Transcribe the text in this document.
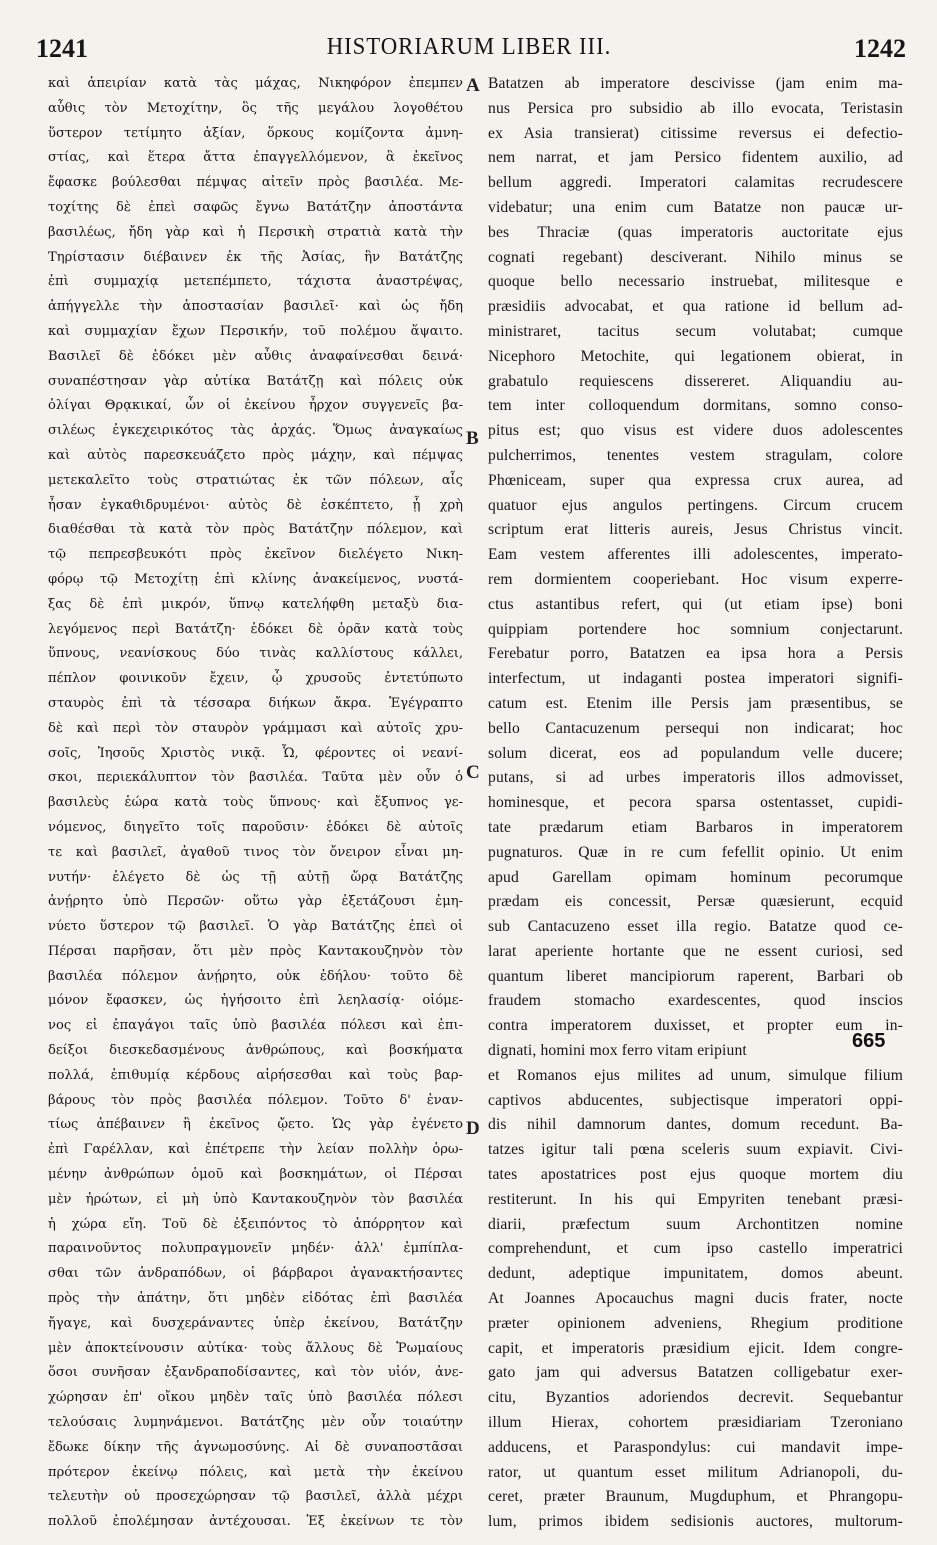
1241	HISTORIARUM LIBER III.	1242
καὶ ἀπειρίαν κατὰ τὰς μάχας, Νικηφόρον ἐπεμπεν
αὖθις τὸν Μετοχίτην, ὃς τῆς μεγάλου λογοθέτου
ὕστερον τετίμητο ἀξίαν, ὅρκους κομίζοντα ἀμνη-
στίας, καὶ ἕτερα ἄττα ἐπαγγελλόμενον, ἃ ἐκεῖνος
ἔφασκε βούλεσθαι πέμψας αἰτεῖν πρὸς βασιλέα. Με-
τοχίτης δὲ ἐπεὶ σαφῶς ἔγνω Βατάτζην ἀποστάντα
βασιλέως, ἤδη γὰρ καὶ ἡ Περσικὴ στρατιὰ κατὰ τὴν
Τηρίστασιν διέβαινεν ἐκ τῆς Ἀσίας, ἣν Βατάτζης
ἐπὶ συμμαχίᾳ μετεπέμπετο, τάχιστα ἀναστρέψας,
ἀπήγγελλε τὴν ἀποστασίαν βασιλεῖ· καὶ ὡς ἤδη
καὶ συμμαχίαν ἔχων Περσικήν, τοῦ πολέμου ἅψαιτο.
Βασιλεῖ δὲ ἐδόκει μὲν αὖθις ἀναφαίνεσθαι δεινά·
συναπέστησαν γὰρ αὐτίκα Βατάτζῃ καὶ πόλεις οὐκ
ὀλίγαι Θρᾳκικαί, ὧν οἱ ἐκείνου ἦρχον συγγενεῖς βα-
σιλέως ἐγκεχειρικότος τὰς ἀρχάς. Ὅμως ἀναγκαίως
καὶ αὐτὸς παρεσκευάζετο πρὸς μάχην, καὶ πέμψας
μετεκαλεῖτο τοὺς στρατιώτας ἐκ τῶν πόλεων, αἷς
ἦσαν ἐγκαθιδρυμένοι· αὐτὸς δὲ ἐσκέπτετο, ᾗ χρὴ
διαθέσθαι τὰ κατὰ τὸν πρὸς Βατάτζην πόλεμον, καὶ
τῷ πεπρεσβευκότι πρὸς ἐκεῖνον διελέγετο Νικη-
φόρῳ τῷ Μετοχίτῃ ἐπὶ κλίνης ἀνακείμενος, νυστά-
ξας δὲ ἐπὶ μικρόν, ὕπνῳ κατελήφθη μεταξὺ δια-
λεγόμενος περὶ Βατάτζη· ἐδόκει δὲ ὁρᾶν κατὰ τοὺς
ὕπνους, νεανίσκους δύο τινὰς καλλίστους κάλλει,
πέπλον φοινικοῦν ἔχειν, ᾧ χρυσοῦς ἐντετύπωτο
σταυρὸς ἐπὶ τὰ τέσσαρα διήκων ἄκρα. Ἐγέγραπτο
δὲ καὶ περὶ τὸν σταυρὸν γράμμασι καὶ αὐτοῖς χρυ-
σοῖς, Ἰησοῦς Χριστὸς νικᾷ. Ὧ, φέροντες οἱ νεανί-
σκοι, περιεκάλυπτον τὸν βασιλέα. Ταῦτα μὲν οὖν ὁ
βασιλεὺς ἑώρα κατὰ τοὺς ὕπνους· καὶ ἔξυπνος γε-
νόμενος, διηγεῖτο τοῖς παροῦσιν· ἐδόκει δὲ αὐτοῖς
τε καὶ βασιλεῖ, ἀγαθοῦ τινος τὸν ὄνειρον εἶναι μη-
νυτήν· ἐλέγετο δὲ ὡς τῇ αὐτῇ ὥρᾳ Βατάτζης
ἀνῄρητο ὑπὸ Περσῶν· οὕτω γὰρ ἐξετάζουσι ἐμη-
νύετο ὕστερον τῷ βασιλεῖ. Ὁ γὰρ Βατάτζης ἐπεὶ οἱ
Πέρσαι παρῆσαν, ὅτι μὲν πρὸς Καντακουζηνὸν τὸν
βασιλέα πόλεμον ἀνῄρητο, οὐκ ἐδήλου· τοῦτο δὲ
μόνον ἔφασκεν, ὡς ἡγήσοιτο ἐπὶ λεηλασίᾳ· οἰόμε-
νος εἰ ἐπαγάγοι ταῖς ὑπὸ βασιλέα πόλεσι καὶ ἐπι-
δείξοι διεσκεδασμένους ἀνθρώπους, καὶ βοσκήματα
πολλά, ἐπιθυμίᾳ κέρδους αἱρήσεσθαι καὶ τοὺς βαρ-
βάρους τὸν πρὸς βασιλέα πόλεμον. Τοῦτο δ' ἐναν-
τίως ἀπέβαινεν ἢ ἐκεῖνος ᾤετο. Ὡς γὰρ ἐγένετο
ἐπὶ Γαρέλλαν, καὶ ἐπέτρεπε τὴν λείαν πολλὴν ὁρω-
μένην ἀνθρώπων ὁμοῦ καὶ βοσκημάτων, οἱ Πέρσαι
μὲν ἠρώτων, εἰ μὴ ὑπὸ Καντακουζηνὸν τὸν βασιλέα
ἡ χώρα εἴη. Τοῦ δὲ ἐξειπόντος τὸ ἀπόρρητον καὶ
παραινοῦντος πολυπραγμονεῖν μηδέν· ἀλλ' ἐμπίπλα-
σθαι τῶν ἀνδραπόδων, οἱ βάρβαροι ἀγανακτήσαντες
πρὸς τὴν ἀπάτην, ὅτι μηδὲν εἰδότας ἐπὶ βασιλέα
ἤγαγε, καὶ δυσχεράναντες ὑπὲρ ἐκείνου, Βατάτζην
μὲν ἀποκτείνουσιν αὐτίκα· τοὺς ἄλλους δὲ Ῥωμαίους
ὅσοι συνῆσαν ἐξανδραποδίσαντες, καὶ τὸν υἱόν, ἀνε-
χώρησαν ἐπ' οἴκου μηδὲν ταῖς ὑπὸ βασιλέα πόλεσι
τελούσαις λυμηνάμενοι. Βατάτζης μὲν οὖν τοιαύτην
ἔδωκε δίκην τῆς ἀγνωμοσύνης. Αἱ δὲ συναποστᾶσαι
πρότερον ἐκείνῳ πόλεις, καὶ μετὰ τὴν ἐκείνου
τελευτὴν οὐ προσεχώρησαν τῷ βασιλεῖ, ἀλλὰ μέχρι
πολλοῦ ἐπολέμησαν ἀντέχουσαι. Ἐξ ἐκείνων τε τὸν
Batatzen ab imperatore descivisse (jam enim ma-
nus Persica pro subsidio ab illo evocata, Teristasin
ex Asia transierat) citissime reversus ei defectio-
nem narrat, et jam Persico fidentem auxilio, ad
bellum aggredi. Imperatori calamitas recrudescere
videbatur; una enim cum Batatze non paucæ ur-
bes Thraciæ (quas imperatoris auctoritate ejus
cognati regebant) desciverant. Nihilo minus se
quoque bello necessario instruebat, militesque e
præsidiis advocabat, et qua ratione id bellum ad-
ministraret, tacitus secum volutabat; cumque
Nicephoro Metochite, qui legationem obierat, in
grabatulo requiescens dissereret. Aliquandiu au-
tem inter colloquendum dormitans, somno conso-
pitus est; quo visus est videre duos adolescentes
pulcherrimos, tenentes vestem stragulam, colore
Phœniceam, super qua expressa crux aurea, ad
quatuor ejus angulos pertingens. Circum crucem
scriptum erat litteris aureis, Jesus Christus vincit.
Eam vestem afferentes illi adolescentes, imperato-
rem dormientem cooperiebant. Hoc visum experre-
ctus astantibus refert, qui (ut etiam ipse) boni
quippiam portendere hoc somnium conjectarunt.
Ferebatur porro, Batatzen ea ipsa hora a Persis
interfectum, ut indaganti postea imperatori signifi-
catum est. Etenim ille Persis jam præsentibus, se
bello Cantacuzenum persequi non indicarat; hoc
solum dicerat, eos ad populandum velle ducere;
putans, si ad urbes imperatoris illos admovisset,
hominesque, et pecora sparsa ostentasset, cupidi-
tate prædarum etiam Barbaros in imperatorem
pugnaturos. Quæ in re cum fefellit opinio. Ut enim
apud Garellam opimam hominum pecorumque
prædam eis concessit, Persæ quæsierunt, ecquid
sub Cantacuzeno esset illa regio. Batatze quod ce-
larat aperiente hortante que ne essent curiosi, sed
quantum liberet mancipiorum raperent, Barbari ob
fraudem stomacho exardescentes, quod inscios
contra imperatorem duxisset, et propter eum in-
dignati, homini mox ferro vitam eripiunt
et Romanos ejus milites ad unum, simulque filium
captivos abducentes, subjectisque imperatori oppi-
dis nihil damnorum dantes, domum recedunt. Ba-
tatzes igitur tali pœna sceleris suum expiavit. Civi-
tates apostatrices post ejus quoque mortem diu
restiterunt. In his qui Empyriten tenebant præsi-
diarii, præfectum suum Archontitzen nomine
comprehendunt, et cum ipso castello imperatrici
dedunt, adeptique impunitatem, domos abeunt.
At Joannes Apocauchus magni ducis frater, nocte
præter opinionem adveniens, Rhegium proditione
capit, et imperatoris præsidium ejicit. Idem congre-
gato jam qui adversus Batatzen colligebatur exer-
citu, Byzantios adoriendos decrevit. Sequebantur
illum Hierax, cohortem præsidiariam Tzeroniano
adducens, et Paraspondylus: cui mandavit impe-
rator, ut quantum esset militum Adrianopoli, du-
ceret, præter Braunum, Mugduphum, et Phrangopu-
lum, primos ibidem sedisionis auctores, multorum-
A
B
C
D
665
